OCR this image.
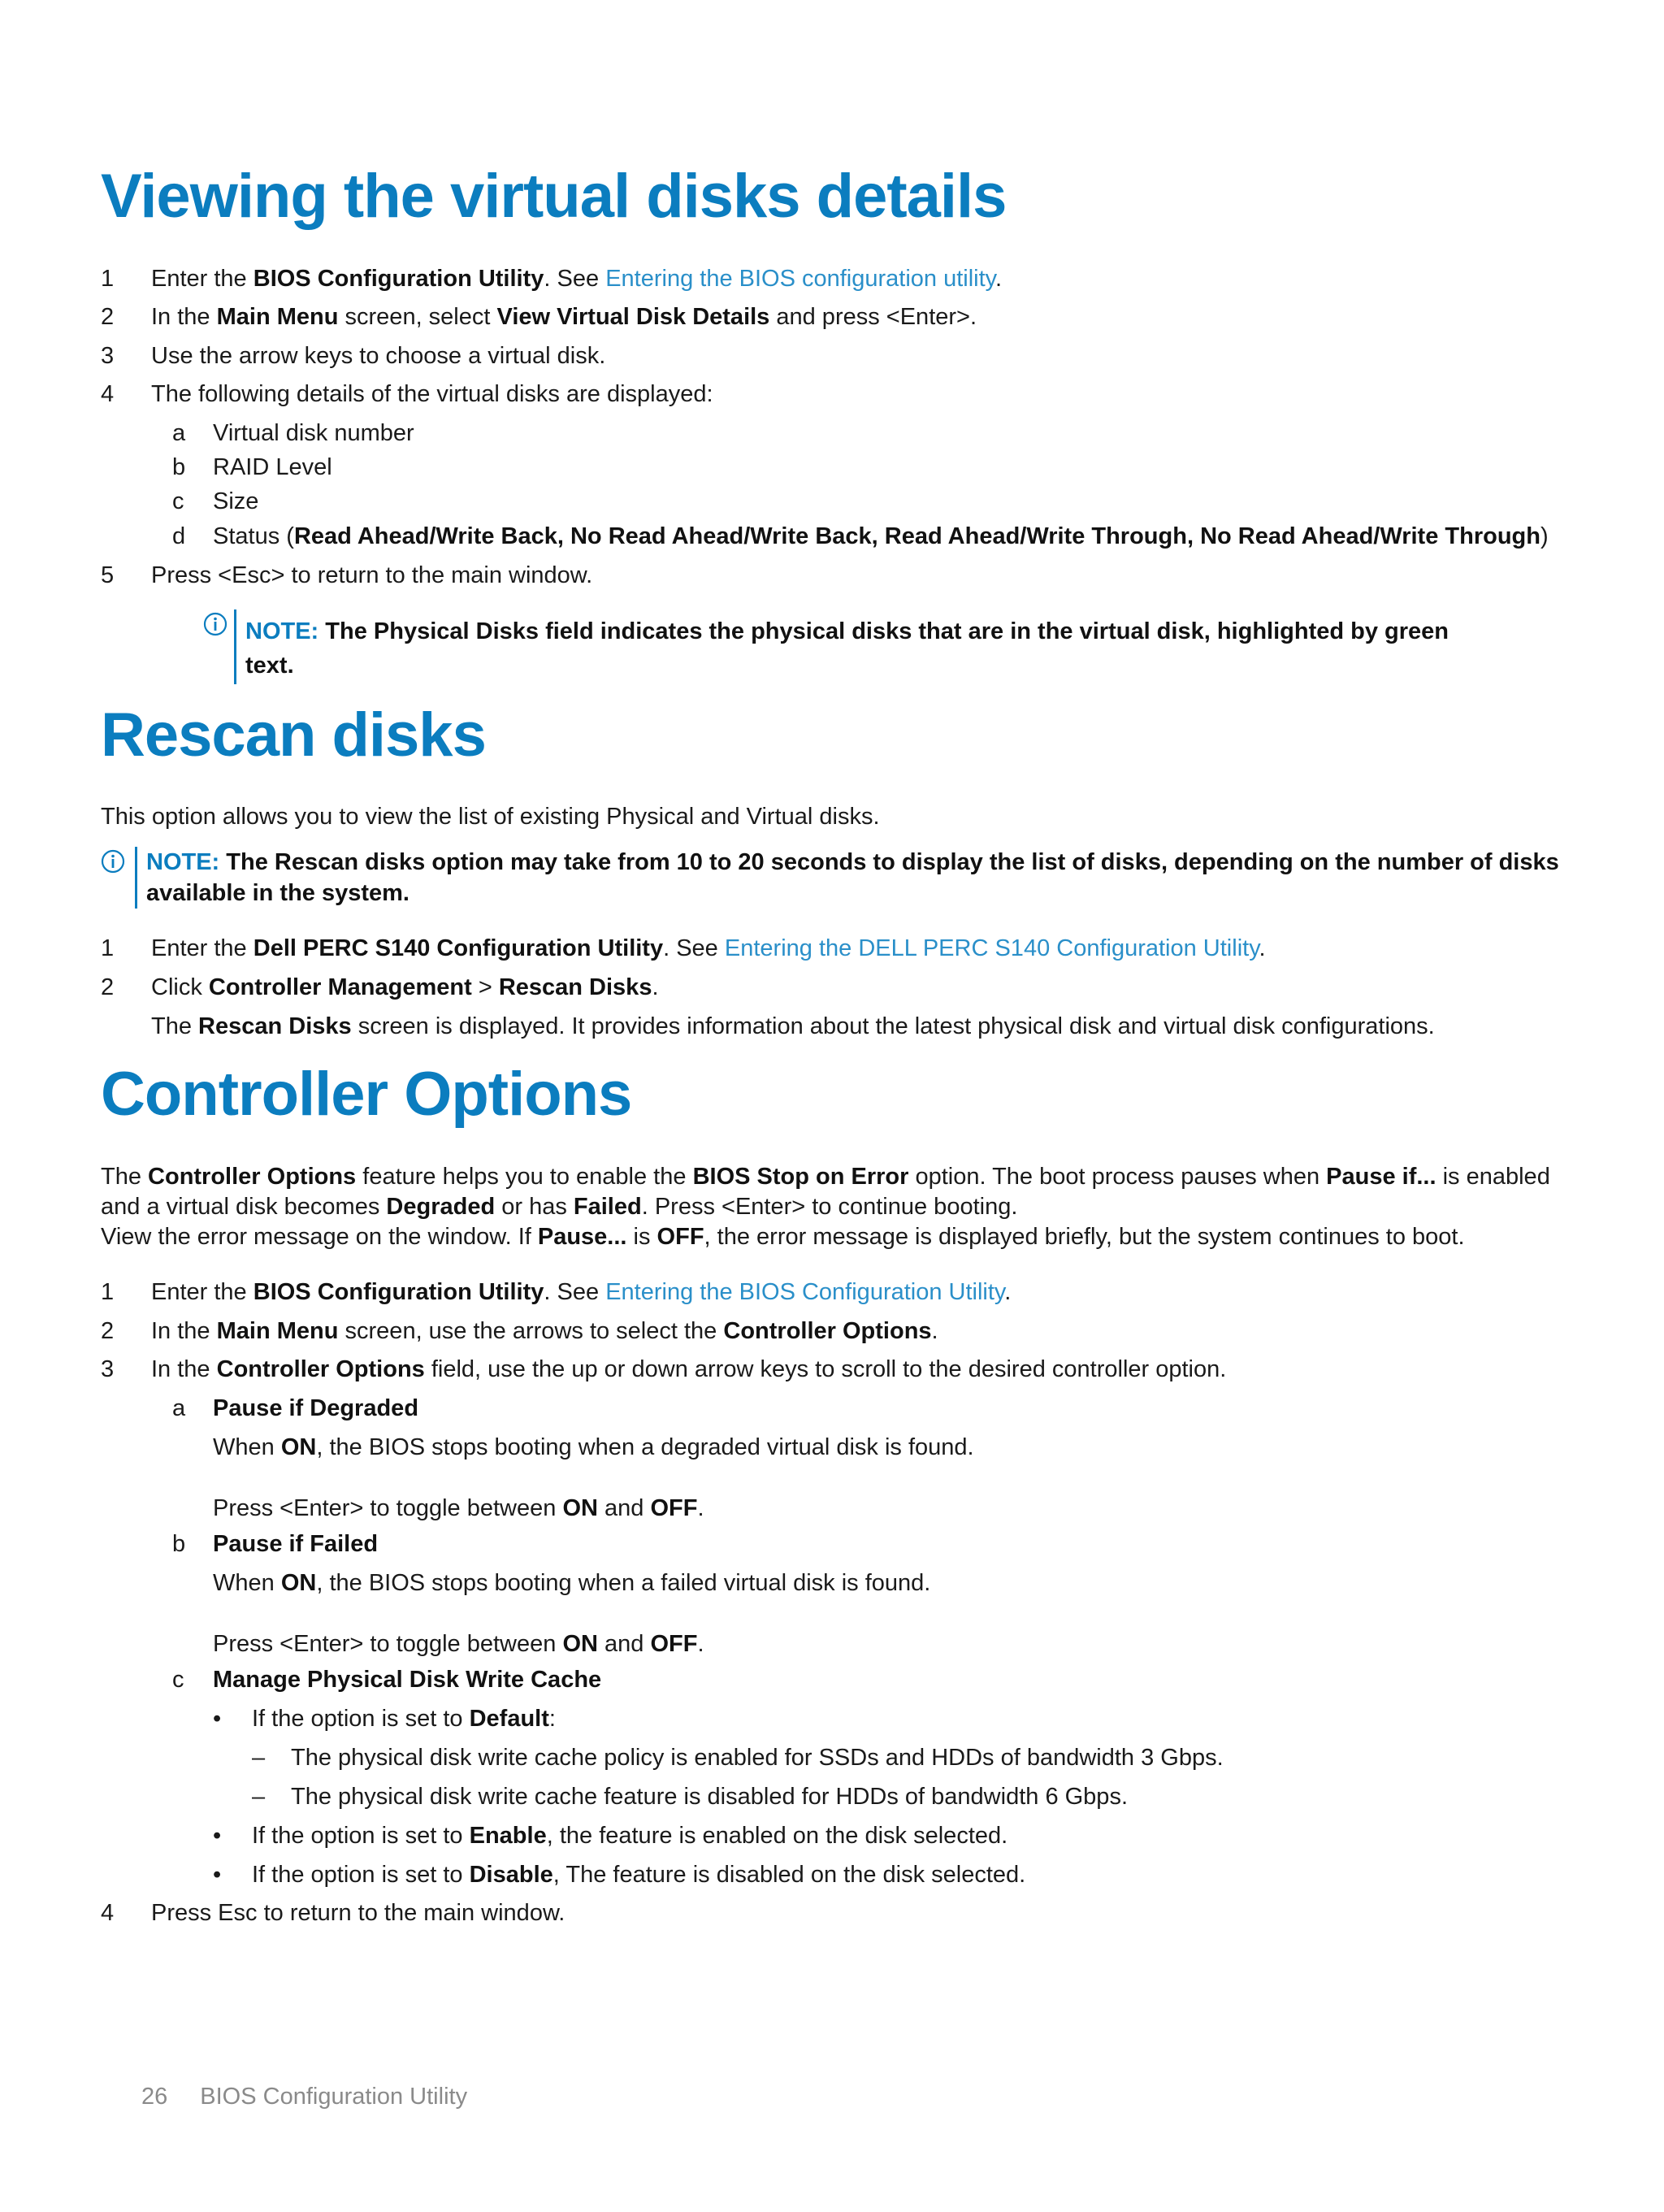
Viewing the virtual disks details
1 Enter the BIOS Configuration Utility. See Entering the BIOS configuration utility.
2 In the Main Menu screen, select View Virtual Disk Details and press <Enter>.
3 Use the arrow keys to choose a virtual disk.
4 The following details of the virtual disks are displayed:
a Virtual disk number
b RAID Level
c Size
d Status (Read Ahead/Write Back, No Read Ahead/Write Back, Read Ahead/Write Through, No Read Ahead/Write Through)
5 Press <Esc> to return to the main window.
NOTE: The Physical Disks field indicates the physical disks that are in the virtual disk, highlighted by green
text.
Rescan disks
This option allows you to view the list of existing Physical and Virtual disks.
NOTE: The Rescan disks option may take from 10 to 20 seconds to display the list of disks, depending on the number of disks
available in the system.
1 Enter the Dell PERC S140 Configuration Utility. See Entering the DELL PERC S140 Configuration Utility.
2 Click Controller Management > Rescan Disks.
The Rescan Disks screen is displayed. It provides information about the latest physical disk and virtual disk configurations.
Controller Options
The Controller Options feature helps you to enable the BIOS Stop on Error option. The boot process pauses when Pause if... is enabled
and a virtual disk becomes Degraded or has Failed. Press <Enter> to continue booting.
View the error message on the window. If Pause... is OFF, the error message is displayed briefly, but the system continues to boot.
1 Enter the BIOS Configuration Utility. See Entering the BIOS Configuration Utility.
2 In the Main Menu screen, use the arrows to select the Controller Options.
3 In the Controller Options field, use the up or down arrow keys to scroll to the desired controller option.
a Pause if Degraded
When ON, the BIOS stops booting when a degraded virtual disk is found.
Press <Enter> to toggle between ON and OFF.
b Pause if Failed
When ON, the BIOS stops booting when a failed virtual disk is found.
Press <Enter> to toggle between ON and OFF.
c Manage Physical Disk Write Cache
• If the option is set to Default:
– The physical disk write cache policy is enabled for SSDs and HDDs of bandwidth 3 Gbps.
– The physical disk write cache feature is disabled for HDDs of bandwidth 6 Gbps.
• If the option is set to Enable, the feature is enabled on the disk selected.
• If the option is set to Disable, The feature is disabled on the disk selected.
4 Press Esc to return to the main window.
26 BIOS Configuration Utility
